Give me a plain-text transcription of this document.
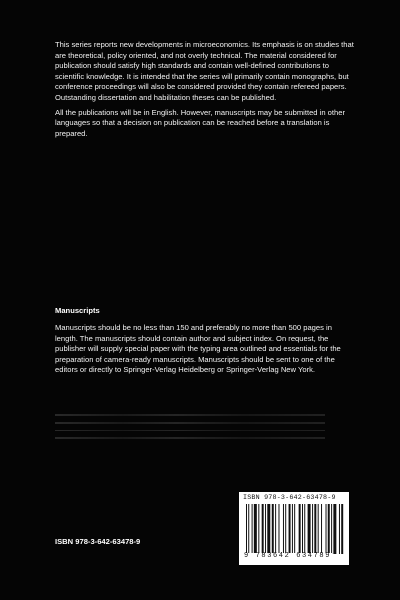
This series reports new developments in microeconomics. Its emphasis is on studies that are theoretical, policy oriented, and not overly technical. The material considered for publication should satisfy high standards and contain well-defined contributions to scientific knowledge. It is intended that the series will primarily contain monographs, but conference proceedings will also be considered provided they contain refereed papers. Outstanding dissertation and habilitation theses can be published.

All the publications will be in English. However, manuscripts may be submitted in other languages so that a decision on publication can be reached before a translation is prepared.

Manuscripts

Manuscripts should be no less than 150 and preferably no more than 500 pages in length. The manuscripts should contain author and subject index. On request, the publisher will supply special paper with the typing area outlined and essentials for the preparation of camera-ready manuscripts. Manuscripts should be sent to one of the editors or directly to Springer-Verlag Heidelberg or Springer-Verlag New York.

ISBN 978-3-642-63478-9
ISBN 978-3-642-63478-9
9 783642 634789
